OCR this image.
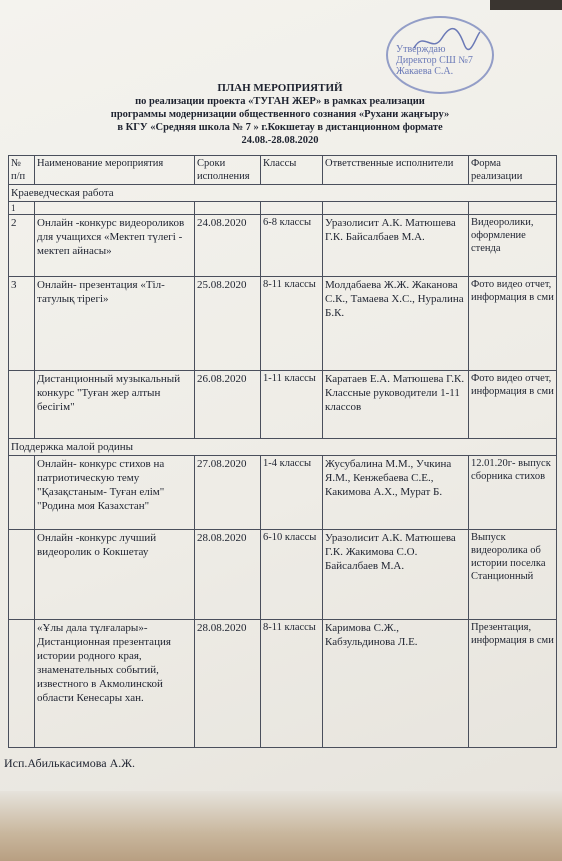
Утверждаю
Директор СШ №7
Жакаева С.А.
ПЛАН МЕРОПРИЯТИЙ
по реализации проекта «ТУГАН ЖЕР» в рамках реализации
программы модернизации общественного сознания «Рухани жаңғыру»
в КГУ «Средняя школа № 7 » г.Кокшетау в дистанционном формате
24.08.-28.08.2020
№ п/п	Наименование мероприятия	Сроки исполнения	Классы	Ответственные исполнители	Форма реализации
Краеведческая работа					
1					
2	Онлайн -конкурс видеороликов для учащихся «Мектеп түлегі - мектеп айнасы»	24.08.2020	6-8 классы	Уразолисит А.К. Матюшева Г.К. Байсалбаев М.А.	Видеоролики, оформление стенда
3	Онлайн- презентация «Тіл-татулық тірегі»	25.08.2020	8-11 классы	Молдабаева Ж.Ж. Жаканова С.К., Тамаева Х.С., Нуралина Б.К.	Фото видео отчет, информация в сми
	Дистанционный музыкальный конкурс "Туған жер алтын бесігім"	26.08.2020	1-11 классы	Каратаев Е.А. Матюшева Г.К. Классные руководители 1-11 классов	Фото видео отчет, информация в сми
Поддержка малой родины					
	Онлайн- конкурс стихов на патриотическую тему "Қазақстаным- Туған елім" "Родина моя Казахстан"	27.08.2020	1-4 классы	Жусубалина М.М., Учкина Я.М., Кенжебаева С.Е., Какимова А.Х., Мурат Б.	12.01.20г- выпуск сборника стихов
	Онлайн -конкурс лучший видеоролик о Кокшетау	28.08.2020	6-10 классы	Уразолисит А.К. Матюшева Г.К. Жакимова С.О. Байсалбаев М.А.	Выпуск видеоролика об истории поселка Станционный
	«Ұлы дала тұлғалары»- Дистанционная презентация истории родного края, знаменательных событий, известного в Акмолинской области Кенесары хан.	28.08.2020	8-11 классы	Каримова С.Ж., Кабзульдинова Л.Е.	Презентация, информация в сми
Исп.Абилькасимова А.Ж.
